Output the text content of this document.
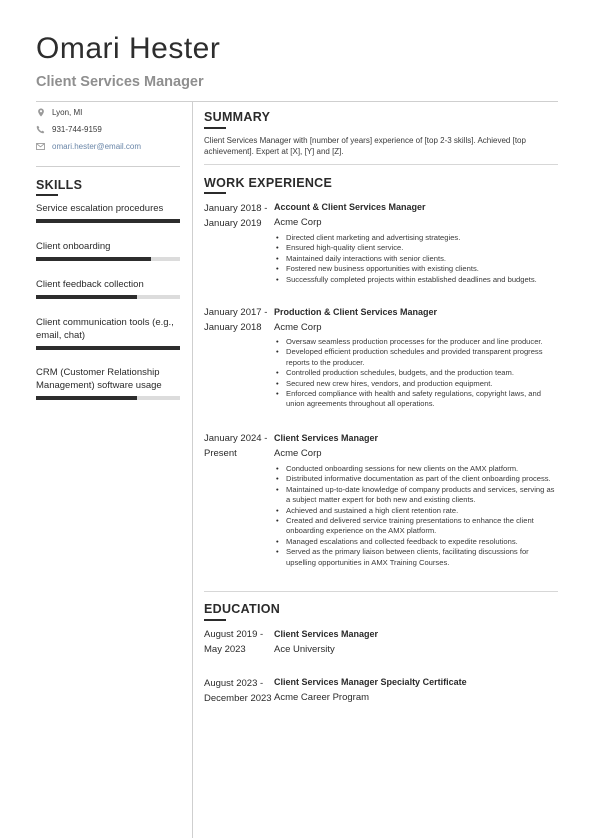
Omari Hester
Client Services Manager
Lyon, MI
931-744-9159
omari.hester@email.com
SKILLS
Service escalation procedures
Client onboarding
Client feedback collection
Client communication tools (e.g., email, chat)
CRM (Customer Relationship Management) software usage
SUMMARY
Client Services Manager with [number of years] experience of [top 2-3 skills]. Achieved [top achievement]. Expert at [X], [Y] and [Z].
WORK EXPERIENCE
January 2018 -
January 2019
Account & Client Services Manager
Acme Corp
• Directed client marketing and advertising strategies.
• Ensured high-quality client service.
• Maintained daily interactions with senior clients.
• Fostered new business opportunities with existing clients.
• Successfully completed projects within established deadlines and budgets.
January 2017 -
January 2018
Production & Client Services Manager
Acme Corp
• Oversaw seamless production processes for the producer and line producer.
• Developed efficient production schedules and provided transparent progress reports to the producer.
• Controlled production schedules, budgets, and the production team.
• Secured new crew hires, vendors, and production equipment.
• Enforced compliance with health and safety regulations, copyright laws, and union agreements throughout all operations.
January 2024 -
Present
Client Services Manager
Acme Corp
• Conducted onboarding sessions for new clients on the AMX platform.
• Distributed informative documentation as part of the client onboarding process.
• Maintained up-to-date knowledge of company products and services, serving as a subject matter expert for both new and existing clients.
• Achieved and sustained a high client retention rate.
• Created and delivered service training presentations to enhance the client onboarding experience on the AMX platform.
• Managed escalations and collected feedback to expedite resolutions.
• Served as the primary liaison between clients, facilitating discussions for upselling opportunities in AMX Training Courses.
EDUCATION
August 2019 -
May 2023
Client Services Manager
Ace University
August 2023 -
December 2023
Client Services Manager Specialty Certificate
Acme Career Program
